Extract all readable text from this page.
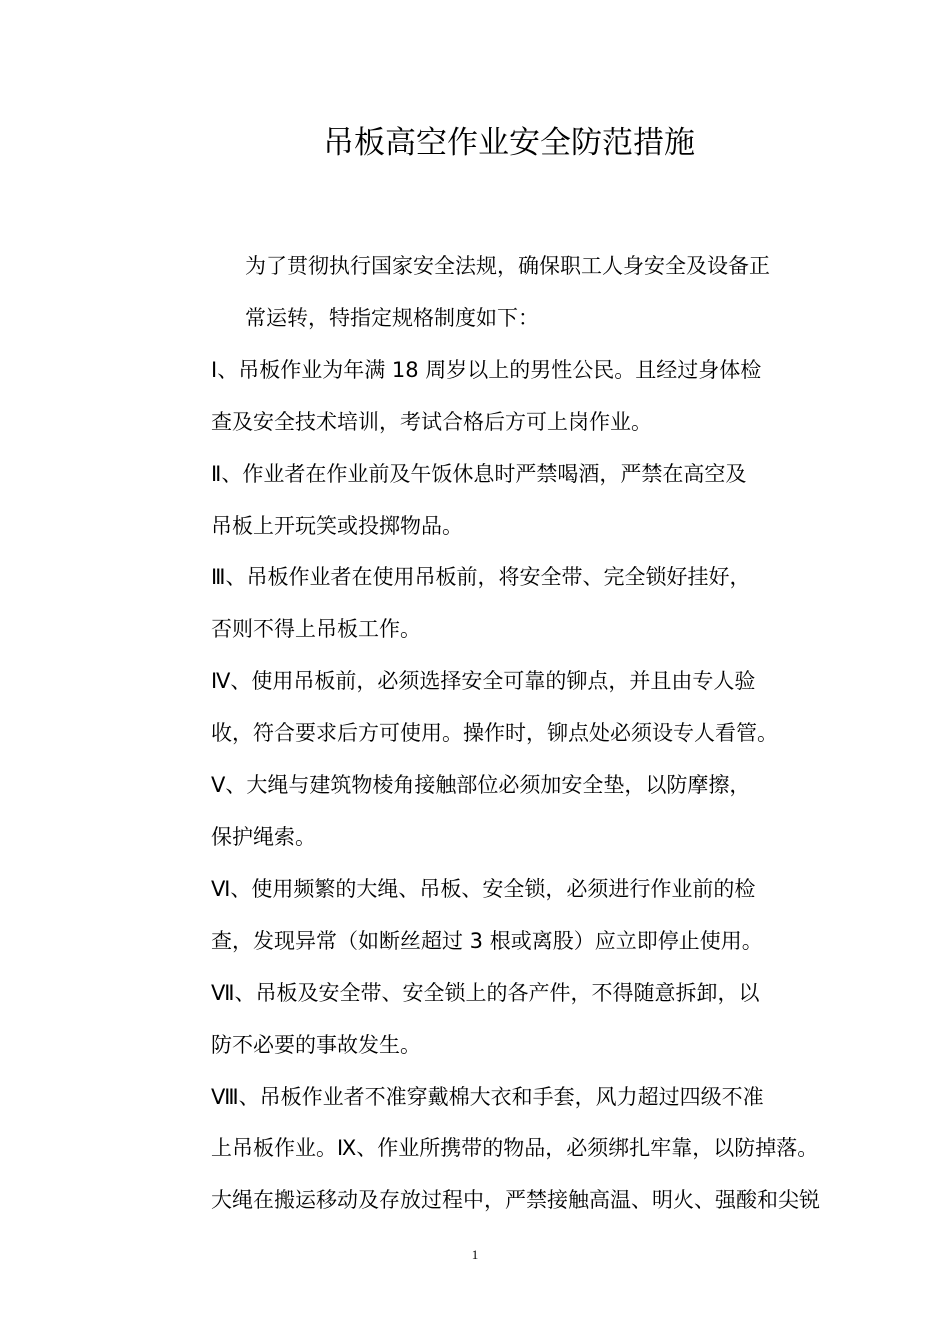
吊板高空作业安全防范措施

为了贯彻执行国家安全法规，确保职工人身安全及设备正
常运转，特指定规格制度如下：

Ⅰ、吊板作业为年满 18 周岁以上的男性公民。且经过身体检
查及安全技术培训，考试合格后方可上岗作业。

Ⅱ、作业者在作业前及午饭休息时严禁喝酒，严禁在高空及
吊板上开玩笑或投掷物品。

Ⅲ、吊板作业者在使用吊板前，将安全带、完全锁好挂好，
否则不得上吊板工作。

Ⅳ、使用吊板前，必须选择安全可靠的铆点，并且由专人验
收，符合要求后方可使用。操作时，铆点处必须设专人看管。

Ⅴ、大绳与建筑物棱角接触部位必须加安全垫，以防摩擦，
保护绳索。

Ⅵ、使用频繁的大绳、吊板、安全锁，必须进行作业前的检
查，发现异常（如断丝超过 3 根或离股）应立即停止使用。

Ⅶ、吊板及安全带、安全锁上的各产件，不得随意拆卸，以
防不必要的事故发生。

Ⅷ、吊板作业者不准穿戴棉大衣和手套，风力超过四级不准
上吊板作业。Ⅸ、作业所携带的物品，必须绑扎牢靠，以防掉落。
大绳在搬运移动及存放过程中，严禁接触高温、明火、强酸和尖锐

1
